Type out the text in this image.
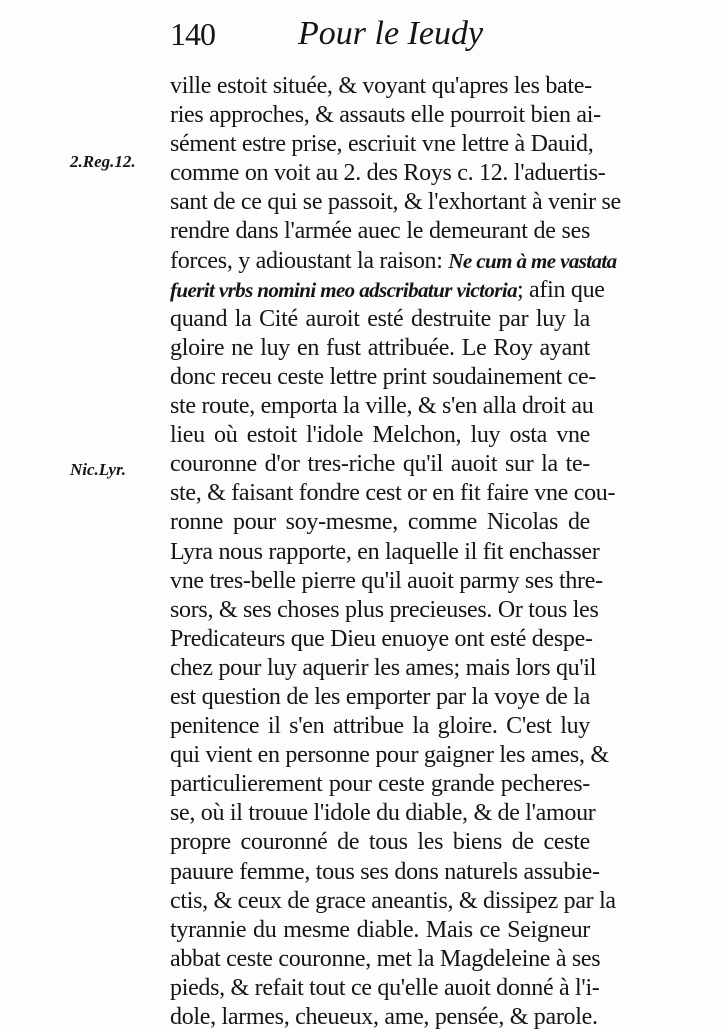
140 Pour le Ieudy
2.Reg.12.
Nic.Lyr.
ville estoit située, & voyant qu'apres les bate-
ries approches, & assauts elle pourroit bien ai-
sément estre prise, escriuit vne lettre à Dauid,
comme on voit au 2. des Roys c. 12. l'aduertis-
sant de ce qui se passoit, & l'exhortant à venir se
rendre dans l'armée auec le demeurant de ses
forces, y adioustant la raison: Ne cum à me vastata
fuerit vrbs nomini meo adscribatur victoria; afin que
quand la Cité auroit esté destruite par luy la
gloire ne luy en fust attribuée. Le Roy ayant
donc receu ceste lettre print soudainement ce-
ste route, emporta la ville, & s'en alla droit au
lieu où estoit l'idole Melchon, luy osta vne
couronne d'or tres-riche qu'il auoit sur la te-
ste, & faisant fondre cest or en fit faire vne cou-
ronne pour soy-mesme, comme Nicolas de
Lyra nous rapporte, en laquelle il fit enchasser
vne tres-belle pierre qu'il auoit parmy ses thre-
sors, & ses choses plus precieuses. Or tous les
Predicateurs que Dieu enuoye ont esté despe-
chez pour luy aquerir les ames; mais lors qu'il
est question de les emporter par la voye de la
penitence il s'en attribue la gloire. C'est luy
qui vient en personne pour gaigner les ames, &
particulierement pour ceste grande pecheres-
se, où il trouue l'idole du diable, & de l'amour
propre couronné de tous les biens de ceste
pauure femme, tous ses dons naturels assubie-
ctis, & ceux de grace aneantis, & dissipez par la
tyrannie du mesme diable. Mais ce Seigneur
abbat ceste couronne, met la Magdeleine à ses
pieds, & refait tout ce qu'elle auoit donné à l'i-
dole, larmes, cheueux, ame, pensée, & parole.
